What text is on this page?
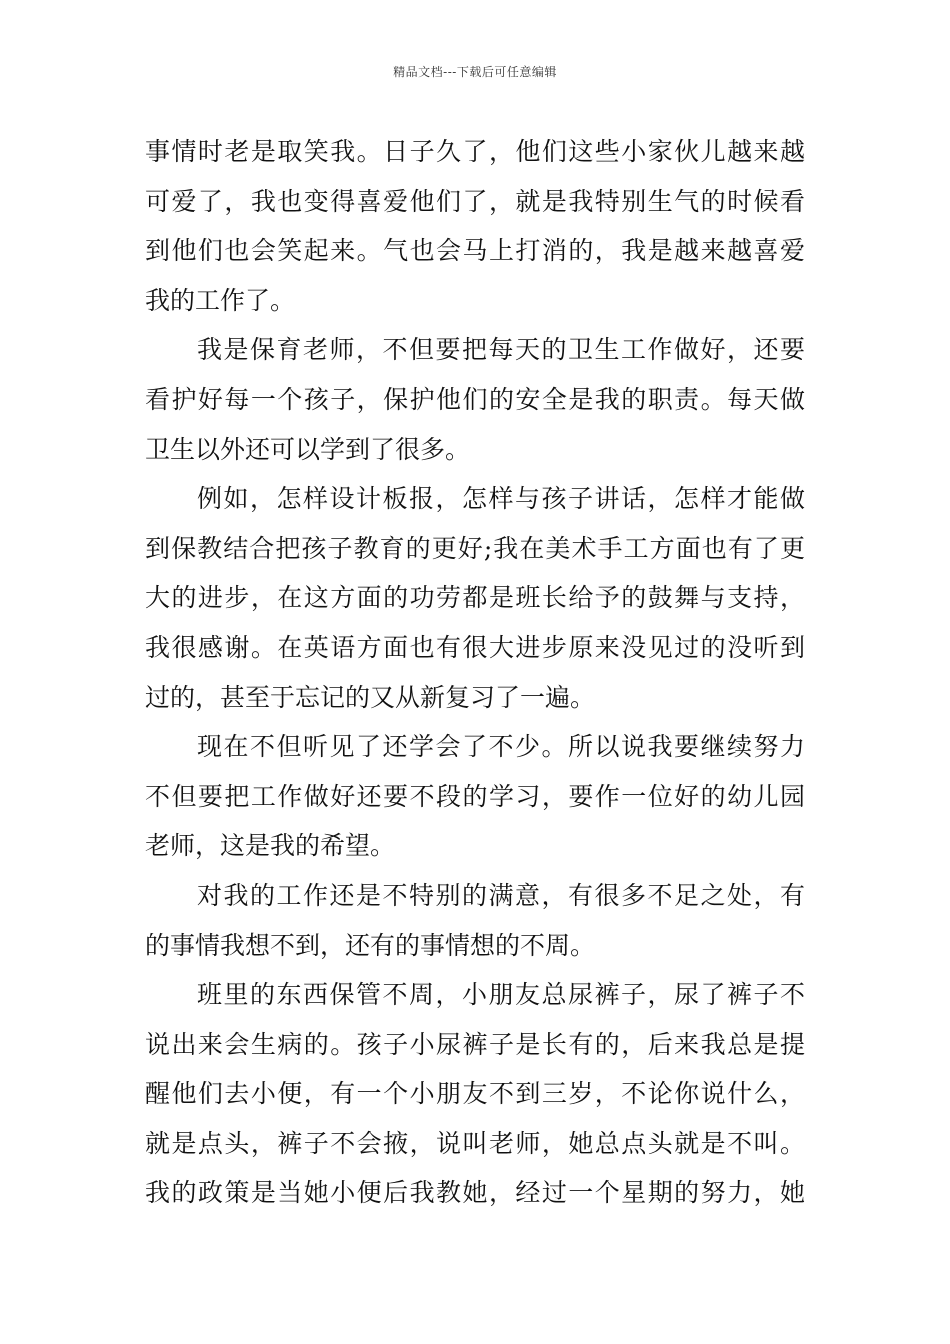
精品文档---下载后可任意编辑
事情时老是取笑我。日子久了，他们这些小家伙儿越来越
可爱了，我也变得喜爱他们了，就是我特别生气的时候看
到他们也会笑起来。气也会马上打消的，我是越来越喜爱
我的工作了。
我是保育老师，不但要把每天的卫生工作做好，还要
看护好每一个孩子，保护他们的安全是我的职责。每天做
卫生以外还可以学到了很多。
例如，怎样设计板报，怎样与孩子讲话，怎样才能做
到保教结合把孩子教育的更好;我在美术手工方面也有了更
大的进步，在这方面的功劳都是班长给予的鼓舞与支持，
我很感谢。在英语方面也有很大进步原来没见过的没听到
过的，甚至于忘记的又从新复习了一遍。
现在不但听见了还学会了不少。所以说我要继续努力
不但要把工作做好还要不段的学习，要作一位好的幼儿园
老师，这是我的希望。
对我的工作还是不特别的满意，有很多不足之处，有
的事情我想不到，还有的事情想的不周。
班里的东西保管不周，小朋友总尿裤子，尿了裤子不
说出来会生病的。孩子小尿裤子是长有的，后来我总是提
醒他们去小便，有一个小朋友不到三岁，不论你说什么，
就是点头，裤子不会掖，说叫老师，她总点头就是不叫。
我的政策是当她小便后我教她，经过一个星期的努力，她
